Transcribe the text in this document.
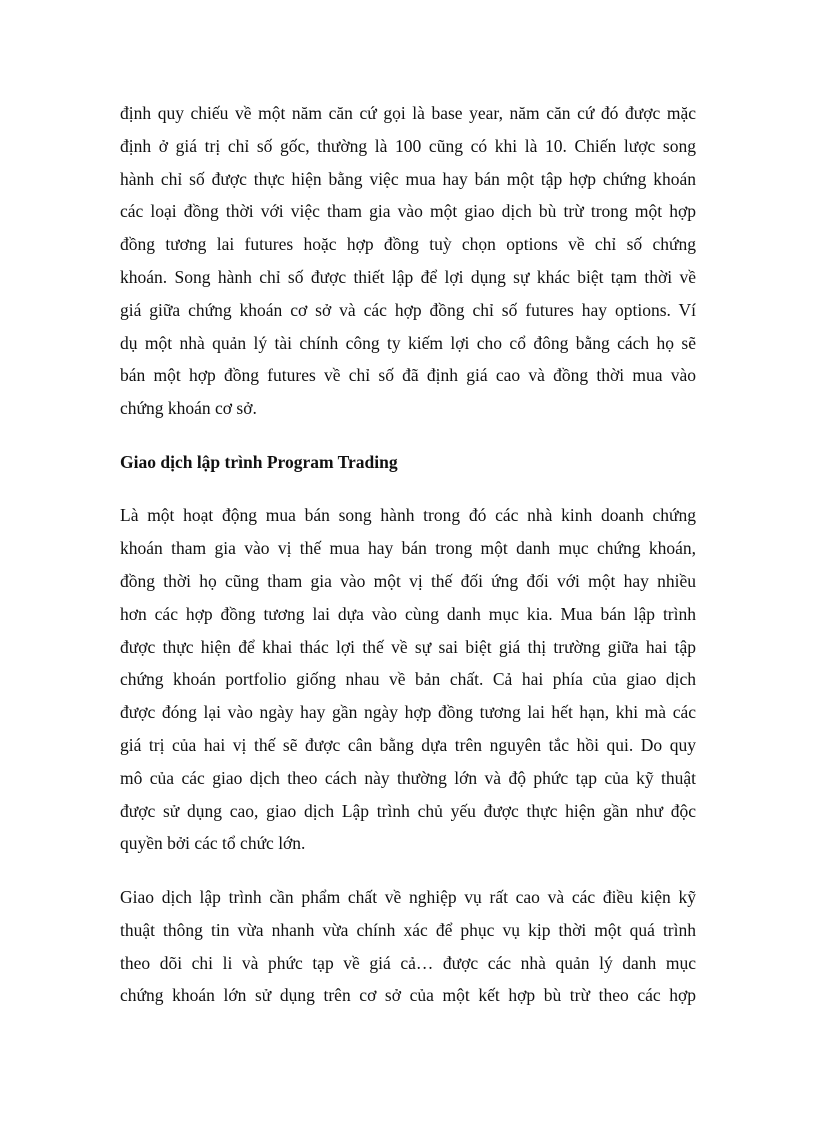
định quy chiếu về một năm căn cứ gọi là base year, năm căn cứ đó được mặc
định ở giá trị chỉ số gốc, thường là 100 cũng có khi là 10. Chiến lược song
hành chỉ số được thực hiện bằng việc mua hay bán một tập hợp chứng khoán
các loại đồng thời với việc tham gia vào một giao dịch bù trừ trong một hợp
đồng tương lai futures hoặc hợp đồng tuỳ chọn options về chỉ số chứng
khoán. Song hành chỉ số được thiết lập để lợi dụng sự khác biệt tạm thời về
giá giữa chứng khoán cơ sở và các hợp đồng chỉ số futures hay options. Ví
dụ một nhà quản lý tài chính công ty kiếm lợi cho cổ đông bằng cách họ sẽ
bán một hợp đồng futures về chỉ số đã định giá cao và đồng thời mua vào
chứng khoán cơ sở.
Giao dịch lập trình Program Trading
Là một hoạt động mua bán song hành trong đó các nhà kinh doanh chứng
khoán tham gia vào vị thế mua hay bán trong một danh mục chứng khoán,
đồng thời họ cũng tham gia vào một vị thế đối ứng đối với một hay nhiều
hơn các hợp đồng tương lai dựa vào cùng danh mục kia. Mua bán lập trình
được thực hiện để khai thác lợi thế về sự sai biệt giá thị trường giữa hai tập
chứng khoán portfolio giống nhau về bản chất. Cả hai phía của giao dịch
được đóng lại vào ngày hay gần ngày hợp đồng tương lai hết hạn, khi mà các
giá trị của hai vị thế sẽ được cân bằng dựa trên nguyên tắc hồi qui. Do quy
mô của các giao dịch theo cách này thường lớn và độ phức tạp của kỹ thuật
được sử dụng cao, giao dịch Lập trình chủ yếu được thực hiện gần như độc
quyền bởi các tổ chức lớn.
Giao dịch lập trình cần phẩm chất về nghiệp vụ rất cao và các điều kiện kỹ
thuật thông tin vừa nhanh vừa chính xác để phục vụ kịp thời một quá trình
theo dõi chi li và phức tạp về giá cả… được các nhà quản lý danh mục
chứng khoán lớn sử dụng trên cơ sở của một kết hợp bù trừ theo các hợp
